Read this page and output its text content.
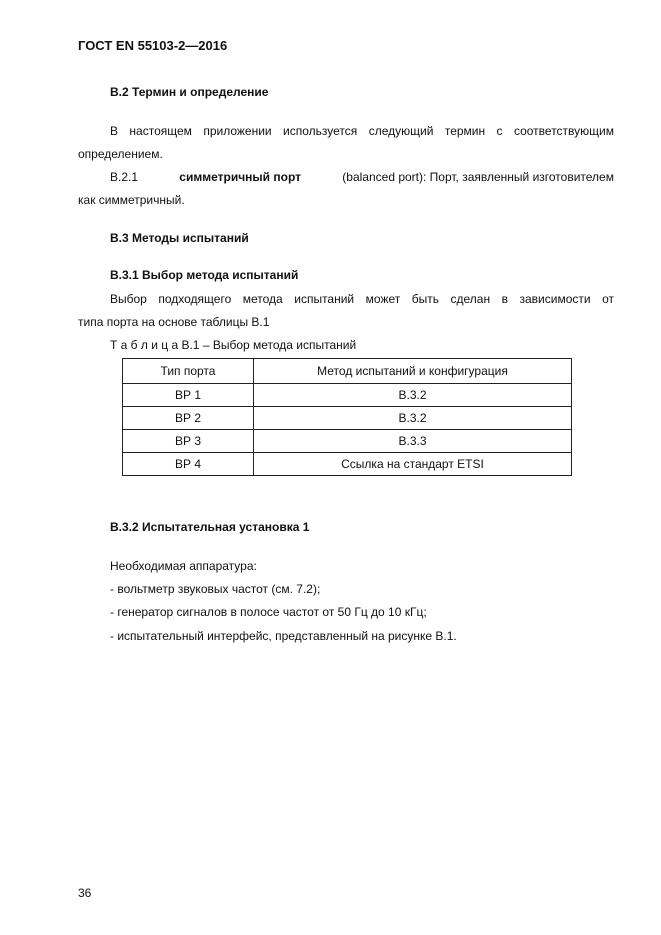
ГОСТ EN 55103-2—2016
В.2 Термин и определение
В настоящем приложении используется следующий термин с соответствующим
определением.
В.2.1	симметричный порт	(balanced port): Порт, заявленный изготовителем
как симметричный.
В.3 Методы испытаний
В.3.1 Выбор метода испытаний
Выбор подходящего метода испытаний может быть сделан в зависимости от
типа порта на основе таблицы В.1
Т а б л и ц а В.1 – Выбор метода испытаний
Тип порта	Метод испытаний и конфигурация
ВР 1	В.3.2
ВР 2	В.3.2
ВР 3	В.3.3
ВР 4	Ссылка на стандарт ETSI
В.3.2 Испытательная установка 1
Необходимая аппаратура:
- вольтметр звуковых частот (см. 7.2);
- генератор сигналов в полосе частот от 50 Гц до 10 кГц;
- испытательный интерфейс, представленный на рисунке В.1.
36
